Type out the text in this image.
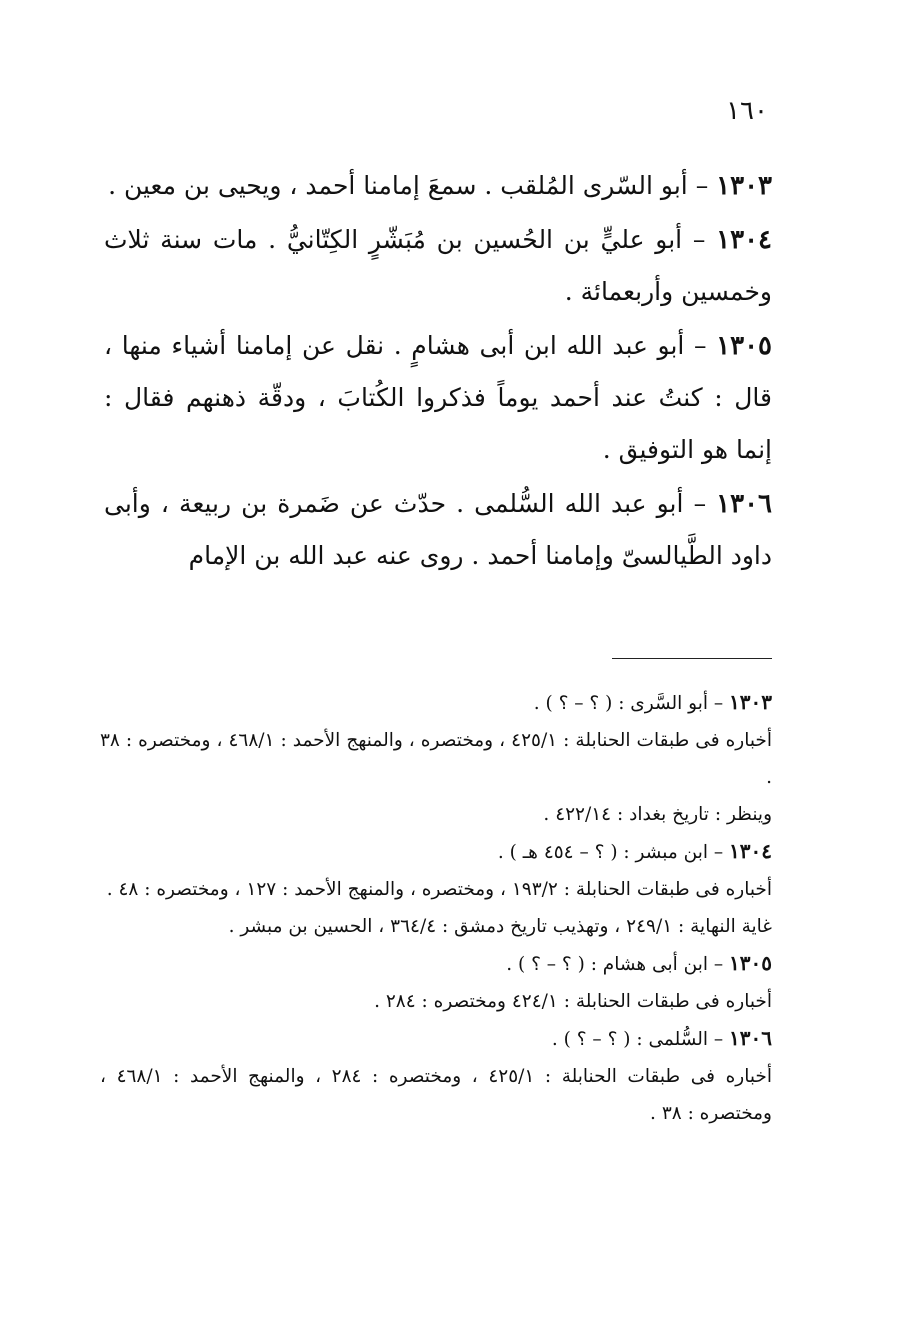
١٦٠

١٣٠٣ – أبو السّرى المُلقب . سمعَ إمامنا أحمد ، ويحيى بن معين .

١٣٠٤ – أبو عليٍّ بن الحُسين بن مُبَشّرٍ الكِتّانيُّ . مات سنة ثلاث وخمسين وأربعمائة .

١٣٠٥ – أبو عبد الله ابن أبى هشامٍ . نقل عن إمامنا أشياء منها ، قال : كنتُ عند أحمد يوماً فذكروا الكُتابَ ، ودقّة ذهنهم فقال : إنما هو التوفيق .

١٣٠٦ – أبو عبد الله السُّلمى . حدّث عن ضَمرة بن ربيعة ، وأبى داود الطَّيالسىّ وإمامنا أحمد . روى عنه عبد الله بن الإمام

١٣٠٣ – أبو السَّرى : ( ؟ – ؟ ) .

أخباره فى طبقات الحنابلة : ٤٢٥/١ ، ومختصره ، والمنهج الأحمد : ٤٦٨/١ ، ومختصره : ٣٨ .

وينظر : تاريخ بغداد : ٤٢٢/١٤ .

١٣٠٤ – ابن مبشر : ( ؟ – ٤٥٤ هـ ) .

أخباره فى طبقات الحنابلة : ١٩٣/٢ ، ومختصره ، والمنهج الأحمد : ١٢٧ ، ومختصره : ٤٨ .

غاية النهاية : ٢٤٩/١ ، وتهذيب تاريخ دمشق : ٣٦٤/٤ ، الحسين بن مبشر .

١٣٠٥ – ابن أبى هشام : ( ؟ – ؟ ) .

أخباره فى طبقات الحنابلة : ٤٢٤/١ ومختصره : ٢٨٤ .

١٣٠٦ – السُّلمى : ( ؟ – ؟ ) .

أخباره فى طبقات الحنابلة : ٤٢٥/١ ، ومختصره : ٢٨٤ ، والمنهج الأحمد : ٤٦٨/١ ، ومختصره : ٣٨ .
